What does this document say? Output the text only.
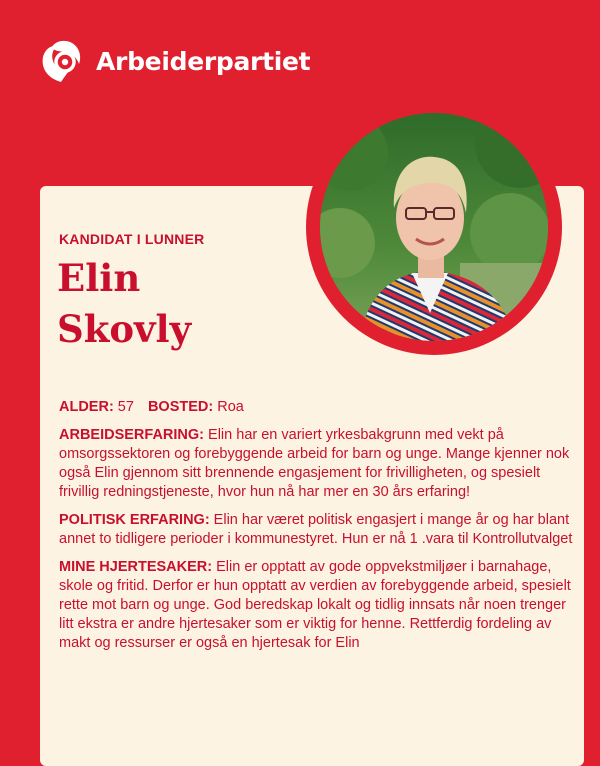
Arbeiderpartiet
KANDIDAT I LUNNER
Elin
Skovly

ALDER: 57 BOSTED: Roa

ARBEIDSERFARING: Elin har en variert yrkesbakgrunn med vekt på omsorgssektoren og forebyggende arbeid for barn og unge. Mange kjenner nok også Elin gjennom sitt brennende engasjement for frivilligheten, og spesielt frivillig redningstjeneste, hvor hun nå har mer en 30 års erfaring!

POLITISK ERFARING: Elin har været politisk engasjert i mange år og har blant annet to tidligere perioder i kommunestyret. Hun er nå 1 .vara til Kontrollutvalget

MINE HJERTESAKER: Elin er opptatt av gode oppvekstmiljøer i barnahage, skole og fritid. Derfor er hun opptatt av verdien av forebyggende arbeid, spesielt rette mot barn og unge. God beredskap lokalt og tidlig innsats når noen trenger litt ekstra er andre hjertesaker som er viktig for henne. Rettferdig fordeling av makt og ressurser er også en hjertesak for Elin
